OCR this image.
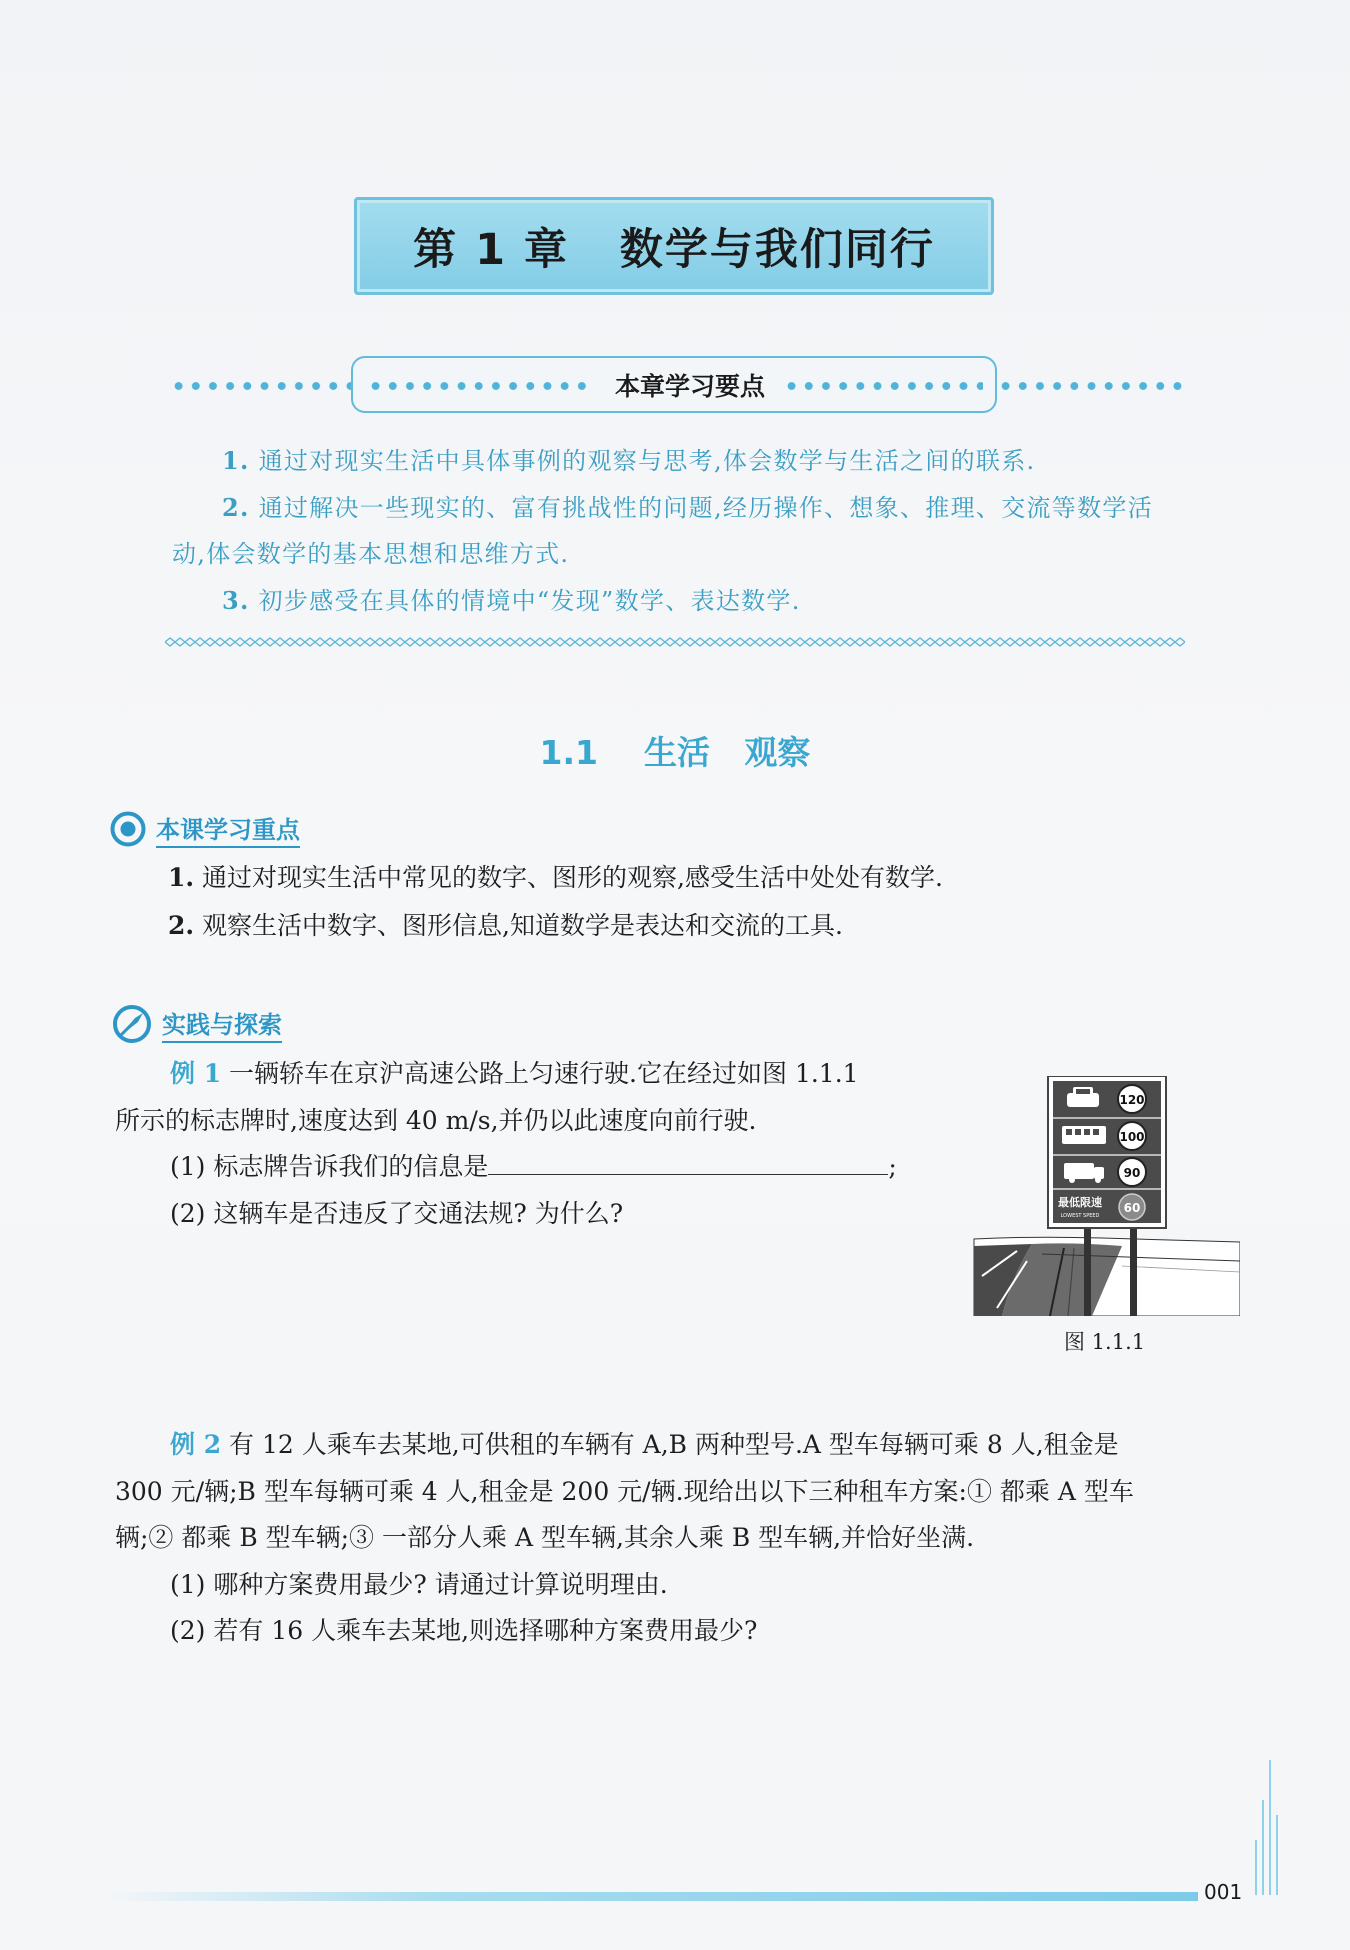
第 1 章   数学与我们同行
本章学习要点

1. 通过对现实生活中具体事例的观察与思考,体会数学与生活之间的联系.

2. 通过解决一些现实的、富有挑战性的问题,经历操作、想象、推理、交流等数学活动,体会数学的基本思想和思维方式.

3. 初步感受在具体的情境中“发现”数学、表达数学.

1.1    生活   观察
本课学习重点

1. 通过对现实生活中常见的数字、图形的观察,感受生活中处处有数学.

2. 观察生活中数字、图形信息,知道数学是表达和交流的工具.

实践与探索

例 1 一辆轿车在京沪高速公路上匀速行驶.它在经过如图 1.1.1

所示的标志牌时,速度达到 40 m/s,并仍以此速度向前行驶.

(1) 标志牌告诉我们的信息是	;

(2) 这辆车是否违反了交通法规? 为什么?	最低限速
LOWEST SPEED
120
100
90
60
图 1.1.1

例 2 有 12 人乘车去某地,可供租的车辆有 A,B 两种型号.A 型车每辆可乘 8 人,租金是

300 元/辆;B 型车每辆可乘 4 人,租金是 200 元/辆.现给出以下三种租车方案:① 都乘 A 型车

辆;② 都乘 B 型车辆;③ 一部分人乘 A 型车辆,其余人乘 B 型车辆,并恰好坐满.

(1) 哪种方案费用最少? 请通过计算说明理由.

(2) 若有 16 人乘车去某地,则选择哪种方案费用最少?

001
